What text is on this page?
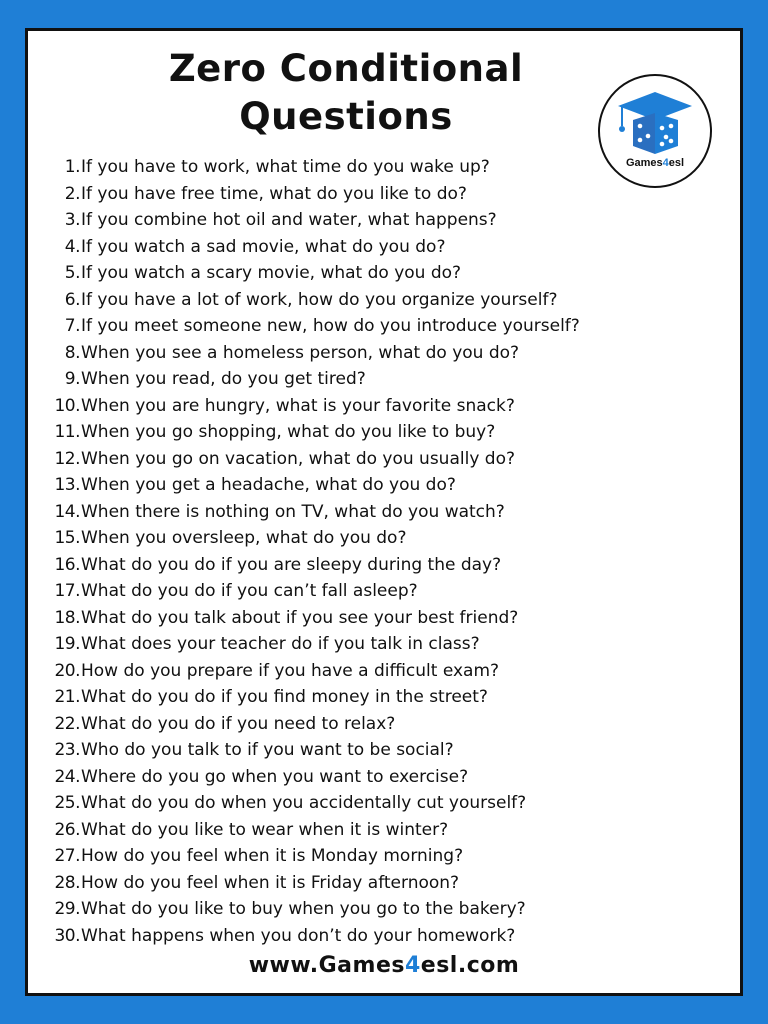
Zero Conditional Questions
Games4esl
1. If you have to work, what time do you wake up?
2. If you have free time, what do you like to do?
3. If you combine hot oil and water, what happens?
4. If you watch a sad movie, what do you do?
5. If you watch a scary movie, what do you do?
6. If you have a lot of work, how do you organize yourself?
7. If you meet someone new, how do you introduce yourself?
8. When you see a homeless person, what do you do?
9. When you read, do you get tired?
10. When you are hungry, what is your favorite snack?
11. When you go shopping, what do you like to buy?
12. When you go on vacation, what do you usually do?
13. When you get a headache, what do you do?
14. When there is nothing on TV, what do you watch?
15. When you oversleep, what do you do?
16. What do you do if you are sleepy during the day?
17. What do you do if you can’t fall asleep?
18. What do you talk about if you see your best friend?
19. What does your teacher do if you talk in class?
20. How do you prepare if you have a difficult exam?
21. What do you do if you find money in the street?
22. What do you do if you need to relax?
23. Who do you talk to if you want to be social?
24. Where do you go when you want to exercise?
25. What do you do when you accidentally cut yourself?
26. What do you like to wear when it is winter?
27. How do you feel when it is Monday morning?
28. How do you feel when it is Friday afternoon?
29. What do you like to buy when you go to the bakery?
30. What happens when you don’t do your homework?
www.Games4esl.com
